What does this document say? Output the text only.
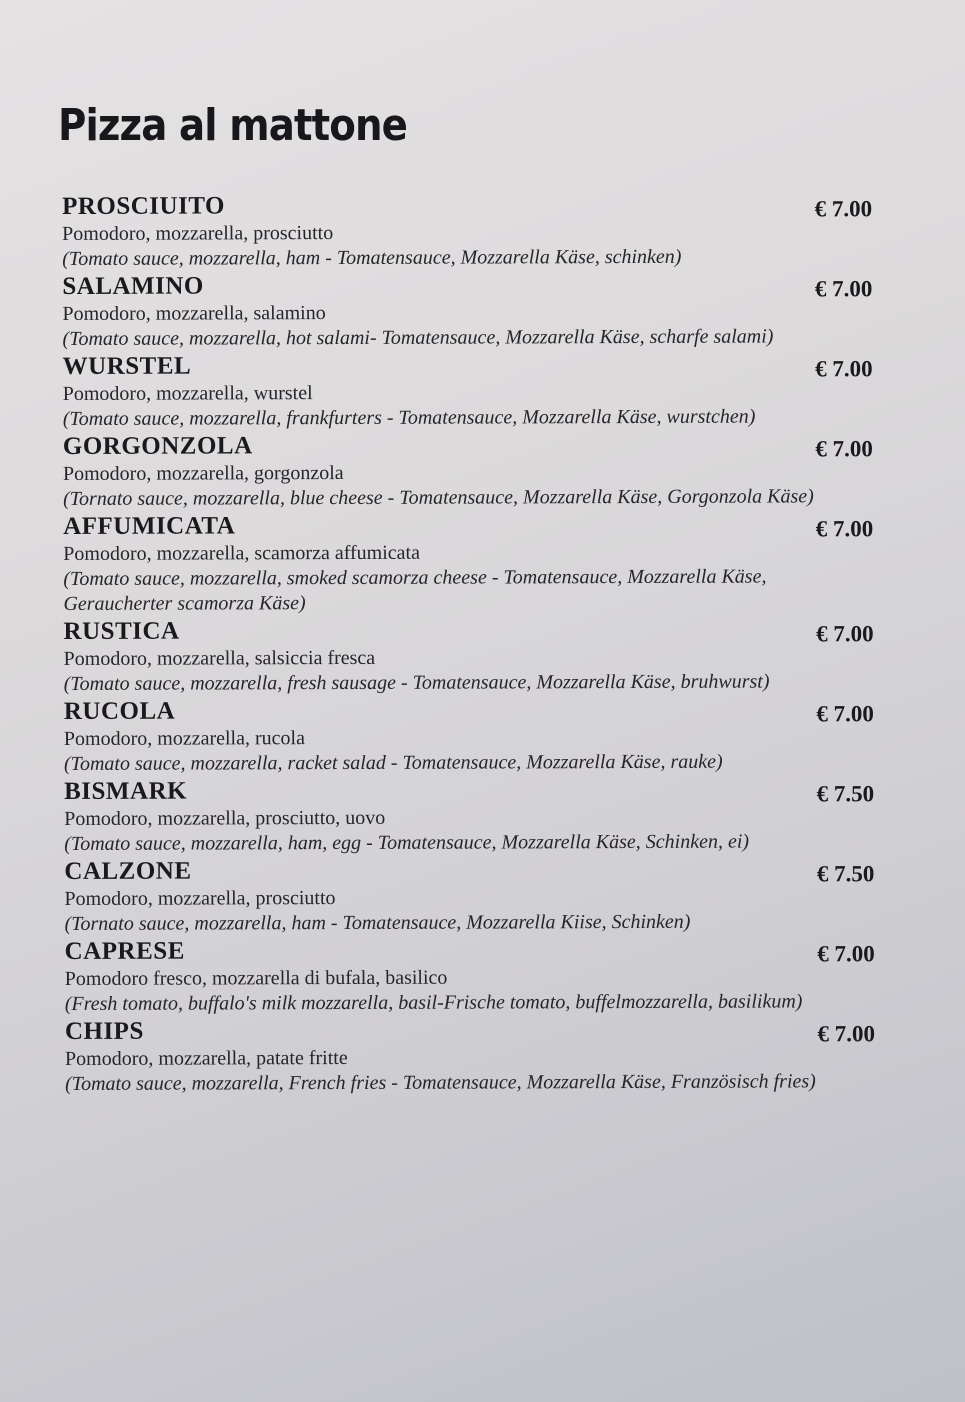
Pizza al mattone
PROSCIUITO	€ 7.00
Pomodoro, mozzarella, prosciutto
(Tomato sauce, mozzarella, ham - Tomatensauce, Mozzarella Käse, schinken)
SALAMINO	€ 7.00
Pomodoro, mozzarella, salamino
(Tomato sauce, mozzarella, hot salami- Tomatensauce, Mozzarella Käse, scharfe salami)
WURSTEL	€ 7.00
Pomodoro, mozzarella, wurstel
(Tomato sauce, mozzarella, frankfurters - Tomatensauce, Mozzarella Käse, wurstchen)
GORGONZOLA	€ 7.00
Pomodoro, mozzarella, gorgonzola
(Tornato sauce, mozzarella, blue cheese - Tomatensauce, Mozzarella Käse, Gorgonzola Käse)
AFFUMICATA	€ 7.00
Pomodoro, mozzarella, scamorza affumicata
(Tomato sauce, mozzarella, smoked scamorza cheese - Tomatensauce, Mozzarella Käse, Geraucherter scamorza Käse)
RUSTICA	€ 7.00
Pomodoro, mozzarella, salsiccia fresca
(Tomato sauce, mozzarella, fresh sausage - Tomatensauce, Mozzarella Käse, bruhwurst)
RUCOLA	€ 7.00
Pomodoro, mozzarella, rucola
(Tomato sauce, mozzarella, racket salad - Tomatensauce, Mozzarella Käse, rauke)
BISMARK	€ 7.50
Pomodoro, mozzarella, prosciutto, uovo
(Tomato sauce, mozzarella, ham, egg - Tomatensauce, Mozzarella Käse, Schinken, ei)
CALZONE	€ 7.50
Pomodoro, mozzarella, prosciutto
(Tornato sauce, mozzarella, ham - Tomatensauce, Mozzarella Kiise, Schinken)
CAPRESE	€ 7.00
Pomodoro fresco, mozzarella di bufala, basilico
(Fresh tomato, buffalo's milk mozzarella, basil-Frische tomato, buffelmozzarella, basilikum)
CHIPS	€ 7.00
Pomodoro, mozzarella, patate fritte
(Tomato sauce, mozzarella, French fries - Tomatensauce, Mozzarella Käse, Französisch fries)
